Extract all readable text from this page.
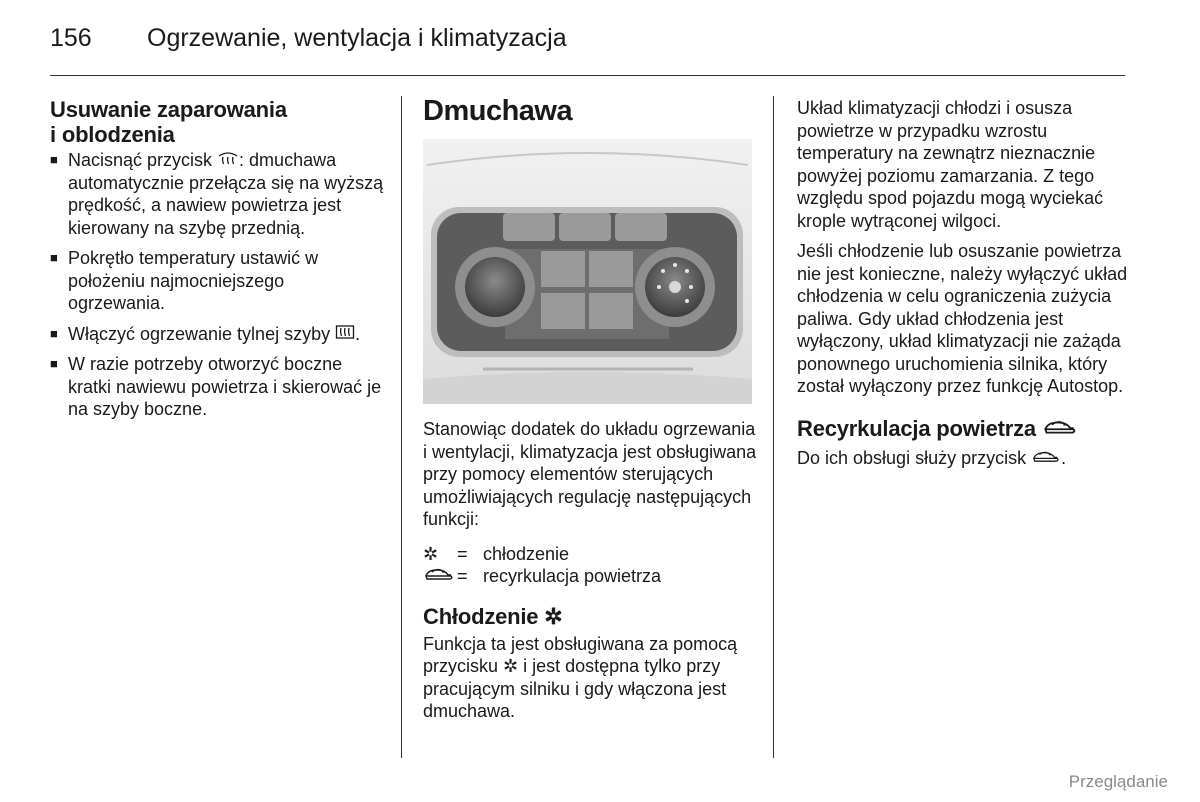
156 Ogrzewanie, wentylacja i klimatyzacja
Usuwanie zaparowania
i oblodzenia
■ Nacisnąć przycisk : dmuchawa automatycznie przełącza się na wyższą prędkość, a nawiew powietrza jest kierowany na szybę przednią.
■ Pokrętło temperatury ustawić w położeniu najmocniejszego ogrzewania.
■ Włączyć ogrzewanie tylnej szyby .
■ W razie potrzeby otworzyć boczne kratki nawiewu powietrza i skierować je na szyby boczne.
Dmuchawa

Stanowiąc dodatek do układu ogrzewania i wentylacji, klimatyzacja jest obsługiwana przy pomocy elementów sterujących umożliwiających regulację następujących funkcji:

✲	= chłodzenie
= recyrkulacja powietrza
Chłodzenie ✲

Funkcja ta jest obsługiwana za pomocą przycisku ✲ i jest dostępna tylko przy pracującym silniku i gdy włączona jest dmuchawa.

Układ klimatyzacji chłodzi i osusza powietrze w przypadku wzrostu temperatury na zewnątrz nieznacznie powyżej poziomu zamarzania. Z tego względu spod pojazdu mogą wyciekać krople wytrąconej wilgoci.

Jeśli chłodzenie lub osuszanie powietrza nie jest konieczne, należy wyłączyć układ chłodzenia w celu ograniczenia zużycia paliwa. Gdy układ chłodzenia jest wyłączony, układ klimatyzacji nie zażąda ponownego uruchomienia silnika, który został wyłączony przez funkcję Autostop.

Recyrkulacja powietrza

Do ich obsługi służy przycisk .

Przeglądanie
